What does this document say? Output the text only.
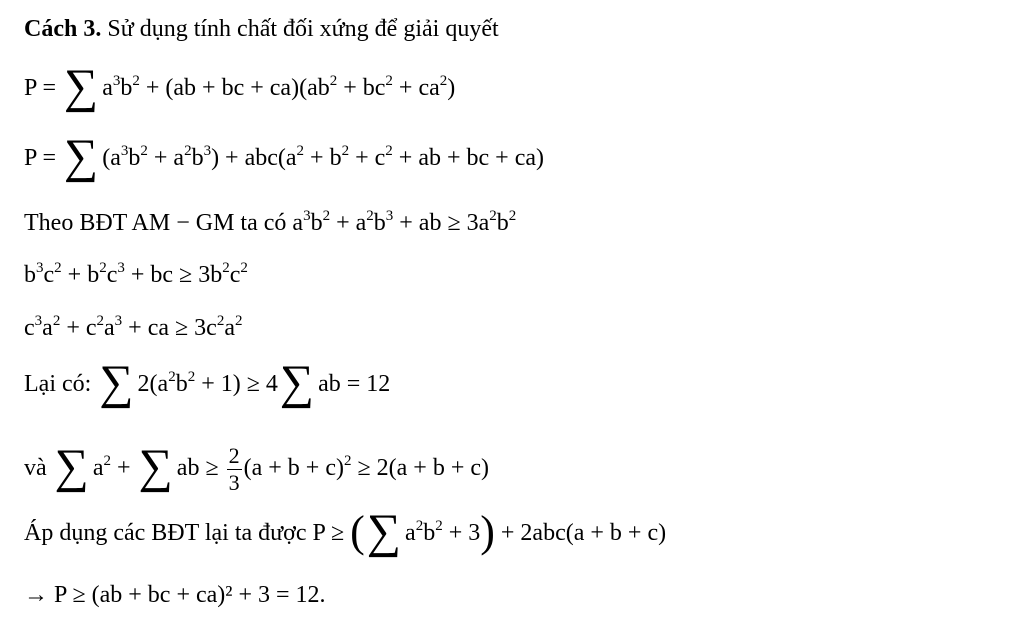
Cách 3. Sử dụng tính chất đối xứng để giải quyết
P = ∑ $a^3b^2 + (ab$ + bc + $ca)(ab^2 + bc^2 + ca^2)$
P = ∑ $(a^3b^2 + a^2b^3) + abc(a^2 + b^2 + c^2$ + ab + bc + ca)
Theo BĐT AM − GM ta có $a^3b^2 + a^2b^3$ + ab ≥ $3a^2b^2$
$b^3c^2 + b^2c^3$ + bc ≥ $3b^2c^2$
$c^3a^2 + c^2a^3$ + ca ≥ $3c^2a^2$
Lại có: ∑ $2(a^2b^2 + 1) \ge 4\sum$ ab = 12
và ∑ $a^2$ + ∑ ab ≥ $\frac{2}{3} (a + b + c)^2 \ge 2(a + b + c)$
Áp dụng các BĐT lại ta được P ≥ (∑ $a^2b^2 + 3) + 2abc(a + b + c)$
→ P ≥ (ab + bc + ca)² + 3 = 12.
